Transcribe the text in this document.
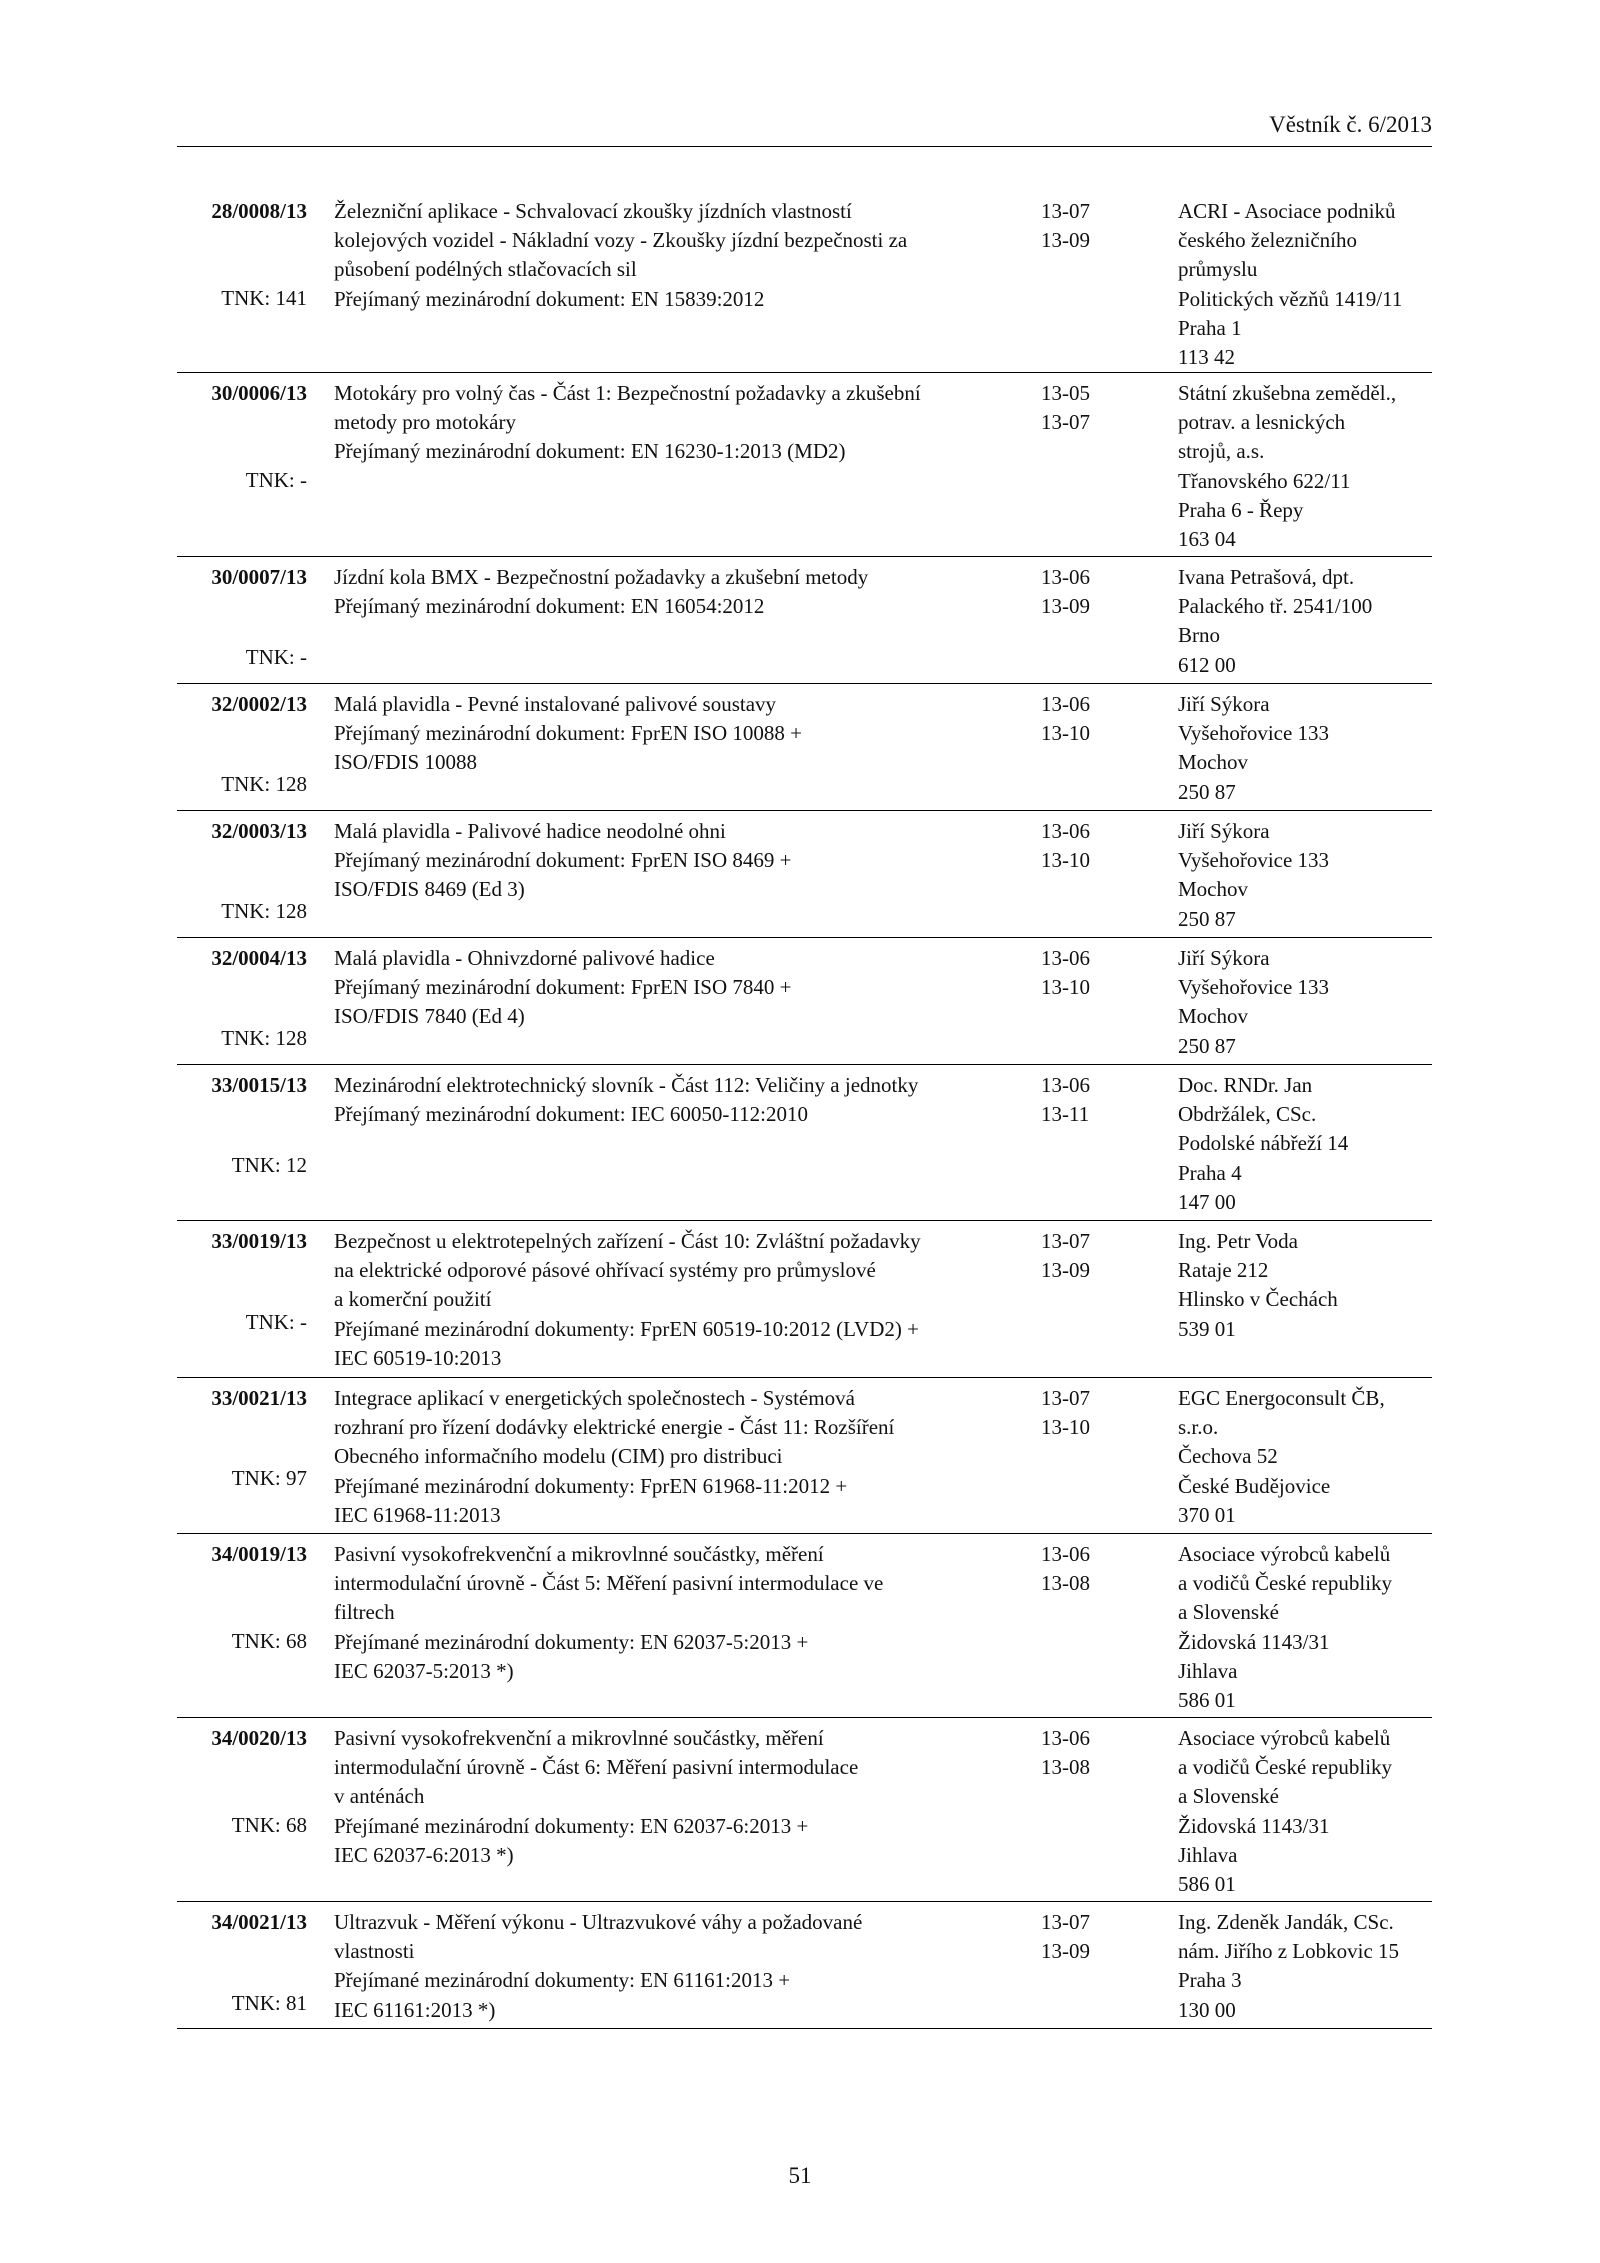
Věstník č. 6/2013
28/0008/13
TNK: 141
Železniční aplikace - Schvalovací zkoušky jízdních vlastností
kolejových vozidel - Nákladní vozy - Zkoušky jízdní bezpečnosti za
působení podélných stlačovacích sil
Přejímaný mezinárodní dokument: EN 15839:2012
13-07
13-09
ACRI - Asociace podniků
českého železničního
průmyslu
Politických vězňů 1419/11
Praha 1
113 42
30/0006/13
TNK: -
Motokáry pro volný čas - Část 1: Bezpečnostní požadavky a zkušební
metody pro motokáry
Přejímaný mezinárodní dokument: EN 16230-1:2013 (MD2)
13-05
13-07
Státní zkušebna zeměděl.,
potrav. a lesnických
strojů, a.s.
Třanovského 622/11
Praha 6 - Řepy
163 04
30/0007/13
TNK: -
Jízdní kola BMX - Bezpečnostní požadavky a zkušební metody
Přejímaný mezinárodní dokument: EN 16054:2012
13-06
13-09
Ivana Petrašová, dpt.
Palackého tř. 2541/100
Brno
612 00
32/0002/13
TNK: 128
Malá plavidla - Pevné instalované palivové soustavy
Přejímaný mezinárodní dokument: FprEN ISO 10088 +
ISO/FDIS 10088
13-06
13-10
Jiří Sýkora
Vyšehořovice 133
Mochov
250 87
32/0003/13
TNK: 128
Malá plavidla - Palivové hadice neodolné ohni
Přejímaný mezinárodní dokument: FprEN ISO 8469 +
ISO/FDIS 8469 (Ed 3)
13-06
13-10
Jiří Sýkora
Vyšehořovice 133
Mochov
250 87
32/0004/13
TNK: 128
Malá plavidla - Ohnivzdorné palivové hadice
Přejímaný mezinárodní dokument: FprEN ISO 7840 +
ISO/FDIS 7840 (Ed 4)
13-06
13-10
Jiří Sýkora
Vyšehořovice 133
Mochov
250 87
33/0015/13
TNK: 12
Mezinárodní elektrotechnický slovník - Část 112: Veličiny a jednotky
Přejímaný mezinárodní dokument: IEC 60050-112:2010
13-06
13-11
Doc. RNDr. Jan
Obdržálek, CSc.
Podolské nábřeží 14
Praha 4
147 00
33/0019/13
TNK: -
Bezpečnost u elektrotepelných zařízení - Část 10: Zvláštní požadavky
na elektrické odporové pásové ohřívací systémy pro průmyslové
a komerční použití
Přejímané mezinárodní dokumenty: FprEN 60519-10:2012 (LVD2) +
IEC 60519-10:2013
13-07
13-09
Ing. Petr Voda
Rataje 212
Hlinsko v Čechách
539 01
33/0021/13
TNK: 97
Integrace aplikací v energetických společnostech - Systémová
rozhraní pro řízení dodávky elektrické energie - Část 11: Rozšíření
Obecného informačního modelu (CIM) pro distribuci
Přejímané mezinárodní dokumenty: FprEN 61968-11:2012 +
IEC 61968-11:2013
13-07
13-10
EGC Energoconsult ČB,
s.r.o.
Čechova 52
České Budějovice
370 01
34/0019/13
TNK: 68
Pasivní vysokofrekvenční a mikrovlnné součástky, měření
intermodulační úrovně - Část 5: Měření pasivní intermodulace ve
filtrech
Přejímané mezinárodní dokumenty: EN 62037-5:2013 +
IEC 62037-5:2013 *)
13-06
13-08
Asociace výrobců kabelů
a vodičů České republiky
a Slovenské
Židovská 1143/31
Jihlava
586 01
34/0020/13
TNK: 68
Pasivní vysokofrekvenční a mikrovlnné součástky, měření
intermodulační úrovně - Část 6: Měření pasivní intermodulace
v anténách
Přejímané mezinárodní dokumenty: EN 62037-6:2013 +
IEC 62037-6:2013 *)
13-06
13-08
Asociace výrobců kabelů
a vodičů České republiky
a Slovenské
Židovská 1143/31
Jihlava
586 01
34/0021/13
TNK: 81
Ultrazvuk - Měření výkonu - Ultrazvukové váhy a požadované
vlastnosti
Přejímané mezinárodní dokumenty: EN 61161:2013 +
IEC 61161:2013 *)
13-07
13-09
Ing. Zdeněk Jandák, CSc.
nám. Jiřího z Lobkovic 15
Praha 3
130 00
51
